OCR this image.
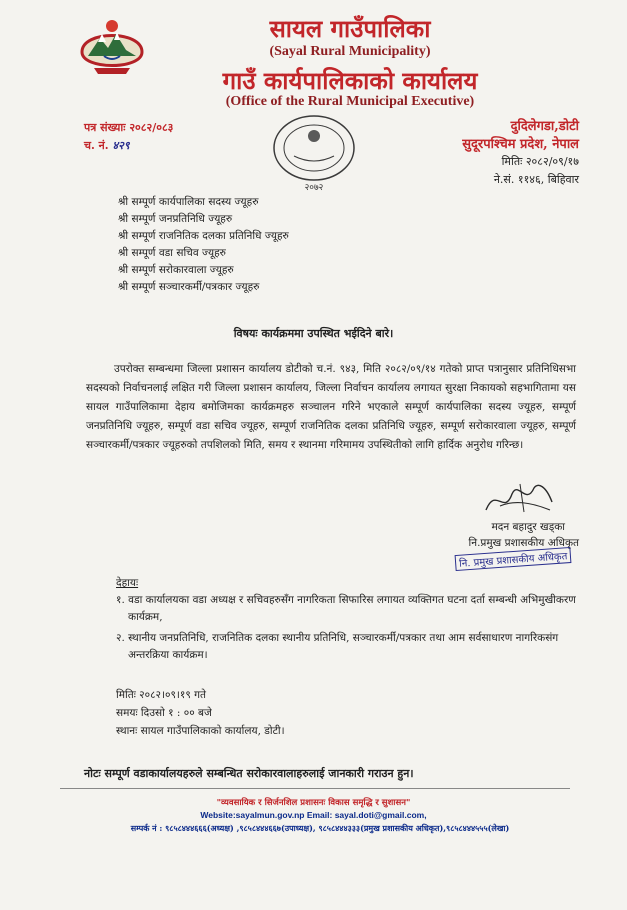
सायल गाउँपालिका
(Sayal Rural Municipality)
गाउँ कार्यपालिकाको कार्यालय
(Office of the Rural Municipal Executive)
पत्र संख्याः २०८२/०८३
च. नं. ४२९
२०७२
दुदिलेगडा,डोटी
सुदूरपश्चिम प्रदेश, नेपाल
मितिः २०८२/०९/१७
ने.सं. ११४६, बिहिवार
श्री सम्पूर्ण कार्यपालिका सदस्य ज्यूहरु
श्री सम्पूर्ण जनप्रतिनिधि ज्यूहरु
श्री सम्पूर्ण राजनितिक दलका प्रतिनिधि ज्यूहरु
श्री सम्पूर्ण वडा सचिव ज्यूहरु
श्री सम्पूर्ण सरोकारवाला ज्यूहरु
श्री सम्पूर्ण सञ्चारकर्मी/पत्रकार ज्यूहरु
विषयः कार्यक्रममा उपस्थित भईदिने बारे।

उपरोक्त सम्बन्धमा जिल्ला प्रशासन कार्यालय डोटीको च.नं. ९४३, मिति २०८२/०९/१४ गतेको प्राप्त पत्रानुसार प्रतिनिधिसभा सदस्यको निर्वाचनलाई लक्षित गरी जिल्ला प्रशासन कार्यालय, जिल्ला निर्वाचन कार्यालय लगायत सुरक्षा निकायको सहभागितामा यस सायल गाउँपालिकामा देहाय बमोजिमका कार्यक्रमहरु सञ्चालन गरिने भएकाले सम्पूर्ण कार्यपालिका सदस्य ज्यूहरु, सम्पूर्ण जनप्रतिनिधि ज्यूहरु, सम्पूर्ण वडा सचिव ज्यूहरु, सम्पूर्ण राजनितिक दलका प्रतिनिधि ज्यूहरु, सम्पूर्ण सरोकारवाला ज्यूहरु, सम्पूर्ण सञ्चारकर्मी/पत्रकार ज्यूहरुको तपशिलको मिति, समय र स्थानमा गरिमामय उपस्थितीको लागि हार्दिक अनुरोध गरिन्छ।

मदन बहादुर खड्का
नि.प्रमुख प्रशासकीय अधिकृत
नि. प्रमुख प्रशासकीय अधिकृत
देहायः
१. वडा कार्यालयका वडा अध्यक्ष र सचिवहरुसँग नागरिकता सिफारिस लगायत व्यक्तिगत घटना दर्ता सम्बन्धी अभिमुखीकरण कार्यक्रम,
२. स्थानीय जनप्रतिनिधि, राजनितिक दलका स्थानीय प्रतिनिधि, सञ्चारकर्मी/पत्रकार तथा आम सर्वसाधारण नागरिकसंग अन्तरक्रिया कार्यक्रम।
मितिः २०८२।०९।१९ गते
समयः दिउसो १ : ०० बजे
स्थानः सायल गाउँपालिकाको कार्यालय, डोटी।
नोटः सम्पूर्ण वडाकार्यालयहरुले सम्बन्धित सरोकारवालाहरुलाई जानकारी गराउन हुन।
"व्यवसायिक र सिर्जनशिल प्रशासनः विकास समृद्धि र सुशासन"
Website:sayalmun.gov.np Email: sayal.doti@gmail.com,
सम्पर्क नं : ९८५८४४४६६६(अध्यक्ष) ,९८५८४४४६६७(उपाध्यक्ष), ९८५८४४४३३३(प्रमुख प्रशासकीय अधिकृत),९८५८४४४५५५(लेखा)
